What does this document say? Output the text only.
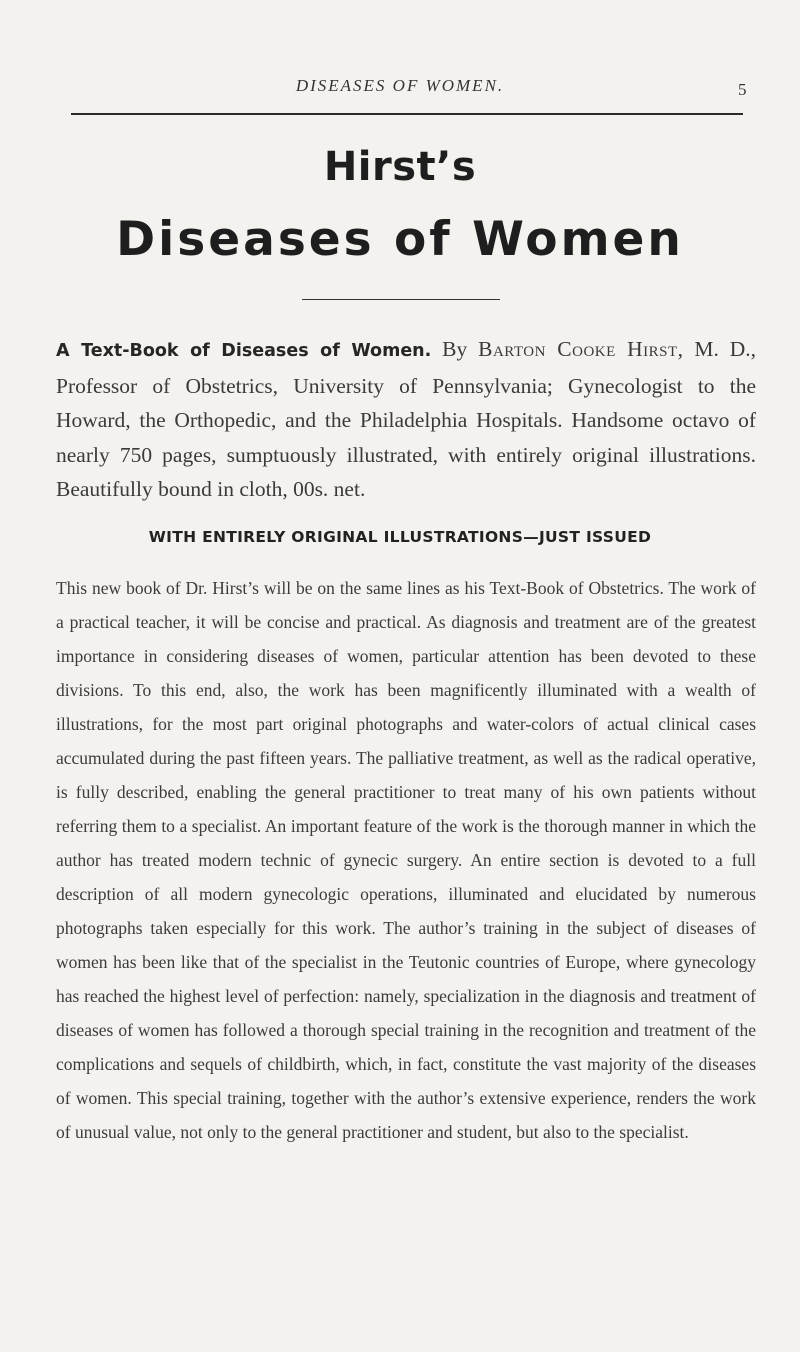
DISEASES OF WOMEN.	5
Hirst’s
Diseases of Women
A Text-Book of Diseases of Women. By Barton Cooke Hirst, M. D., Professor of Obstetrics, University of Pennsylvania; Gynecologist to the Howard, the Orthopedic, and the Philadelphia Hospitals. Handsome octavo of nearly 750 pages, sumptuously illustrated, with entirely original illustrations. Beautifully bound in cloth, 00s. net.
WITH ENTIRELY ORIGINAL ILLUSTRATIONS—JUST ISSUED
This new book of Dr. Hirst’s will be on the same lines as his Text-Book of Obstetrics. The work of a practical teacher, it will be concise and practical. As diagnosis and treatment are of the greatest importance in considering diseases of women, particular attention has been devoted to these divisions. To this end, also, the work has been magnificently illuminated with a wealth of illustrations, for the most part original photographs and water-colors of actual clinical cases accumulated during the past fifteen years. The palliative treatment, as well as the radical operative, is fully described, enabling the general practitioner to treat many of his own patients without referring them to a specialist. An important feature of the work is the thorough manner in which the author has treated modern technic of gynecic surgery. An entire section is devoted to a full description of all modern gynecologic operations, illuminated and elucidated by numerous photographs taken especially for this work. The author’s training in the subject of diseases of women has been like that of the specialist in the Teutonic countries of Europe, where gynecology has reached the highest level of perfection: namely, specialization in the diagnosis and treatment of diseases of women has followed a thorough special training in the recognition and treatment of the complications and sequels of childbirth, which, in fact, constitute the vast majority of the diseases of women. This special training, together with the author’s extensive experience, renders the work of unusual value, not only to the general practitioner and student, but also to the specialist.
